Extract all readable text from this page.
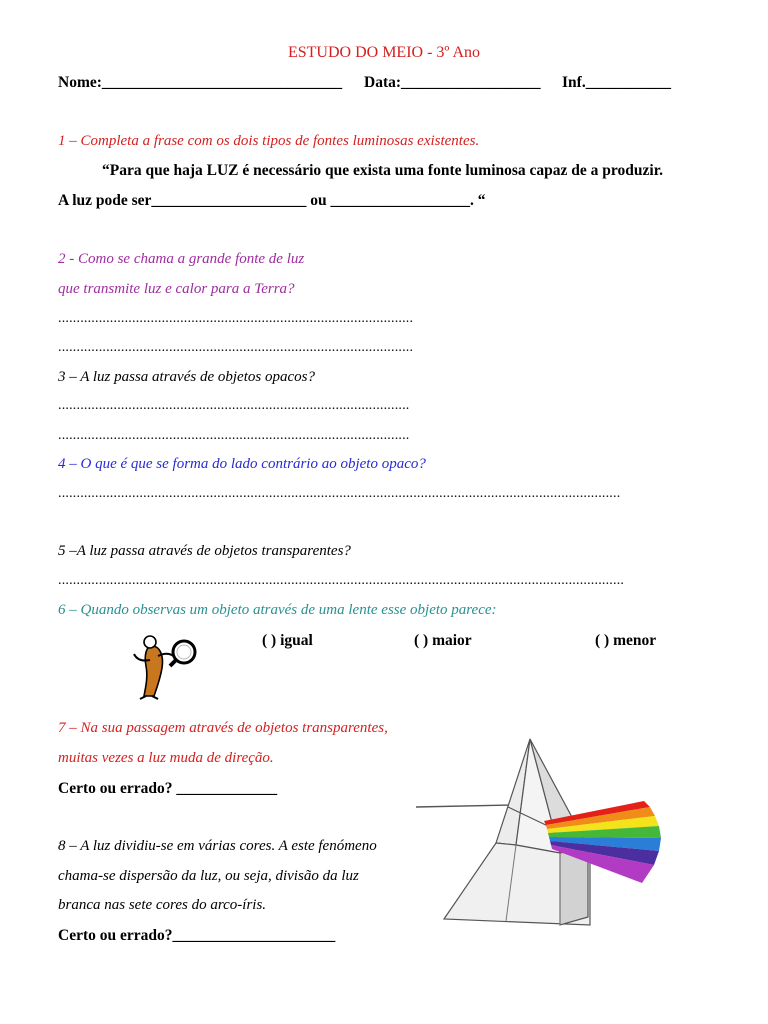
ESTUDO DO MEIO - 3º Ano
Nome:_______________________________ Data:__________________ Inf.___________
1 – Completa a frase com os dois tipos de fontes luminosas existentes.
“Para que haja LUZ é necessário que exista uma fonte luminosa capaz de a produzir.
A luz pode ser____________________ ou __________________. “
2 - Como se chama a grande fonte de luz
que transmite luz e calor para a Terra?
................................................................................................
................................................................................................
3 – A luz passa através de objetos opacos?
...............................................................................................
...............................................................................................
4 – O que é que se forma do lado contrário ao objeto opaco?
........................................................................................................................................................
5 –A luz passa através de objetos transparentes?
.........................................................................................................................................................
6 – Quando observas um objeto através de uma lente esse objeto parece:
( ) igual	( ) maior	( ) menor
7 – Na sua passagem através de objetos transparentes,
muitas vezes a luz muda de direção.
Certo ou errado? _____________
8 – A luz dividiu-se em várias cores. A este fenómeno
chama-se dispersão da luz, ou seja, divisão da luz
branca nas sete cores do arco-íris.
Certo ou errado?_____________________
